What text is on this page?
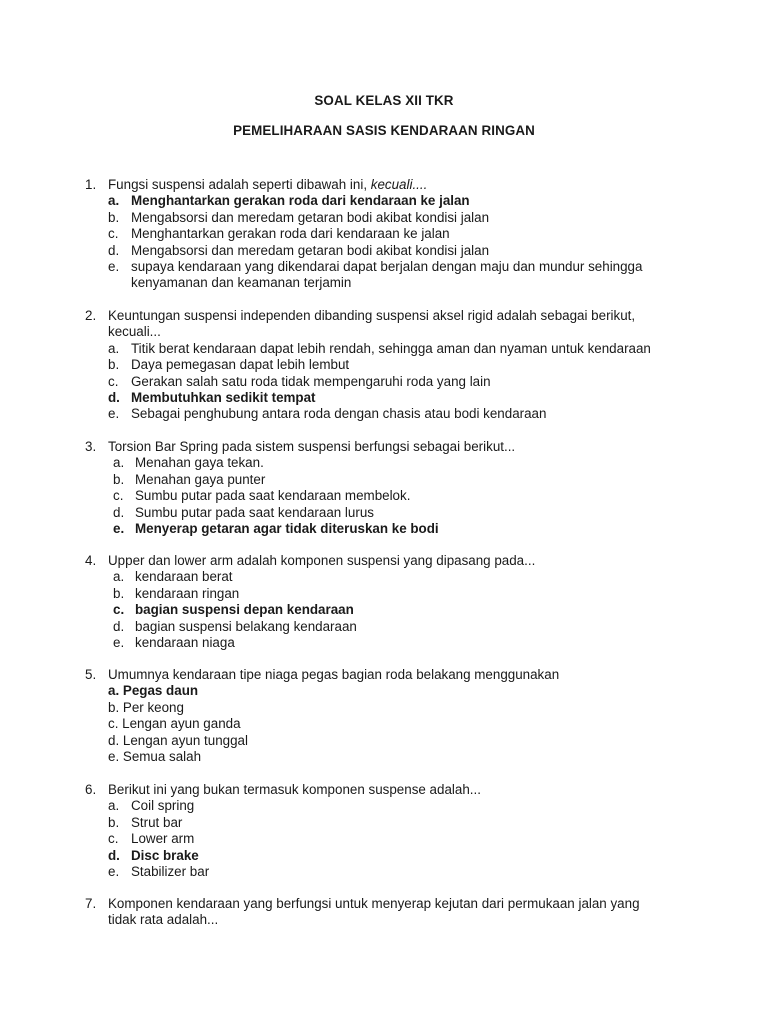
SOAL KELAS XII TKR
PEMELIHARAAN SASIS KENDARAAN RINGAN
1. Fungsi suspensi adalah seperti dibawah ini, kecuali....
a. Menghantarkan gerakan roda dari kendaraan ke jalan
b. Mengabsorsi dan meredam getaran bodi akibat kondisi jalan
c. Menghantarkan gerakan roda dari kendaraan ke jalan
d. Mengabsorsi dan meredam getaran bodi akibat kondisi jalan
e. supaya kendaraan yang dikendarai dapat berjalan dengan maju dan mundur sehingga kenyamanan dan keamanan terjamin
2. Keuntungan suspensi independen dibanding suspensi aksel rigid adalah sebagai berikut, kecuali...
a. Titik berat kendaraan dapat lebih rendah, sehingga aman dan nyaman untuk kendaraan
b. Daya pemegasan dapat lebih lembut
c. Gerakan salah satu roda tidak mempengaruhi roda yang lain
d. Membutuhkan sedikit tempat
e. Sebagai penghubung antara roda dengan chasis atau bodi kendaraan
3. Torsion Bar Spring pada sistem suspensi berfungsi sebagai berikut...
a. Menahan gaya tekan.
b. Menahan gaya punter
c. Sumbu putar pada saat kendaraan membelok.
d. Sumbu putar pada saat kendaraan lurus
e. Menyerap getaran agar tidak diteruskan ke bodi
4. Upper dan lower arm adalah komponen suspensi yang dipasang pada...
a. kendaraan berat
b. kendaraan ringan
c. bagian suspensi depan kendaraan
d. bagian suspensi belakang kendaraan
e. kendaraan niaga
5. Umumnya kendaraan tipe niaga pegas bagian roda belakang menggunakan
a. Pegas daun
b. Per keong
c. Lengan ayun ganda
d. Lengan ayun tunggal
e. Semua salah
6. Berikut ini yang bukan termasuk komponen suspense adalah...
a. Coil spring
b. Strut bar
c. Lower arm
d. Disc brake
e. Stabilizer bar
7. Komponen kendaraan yang berfungsi untuk menyerap kejutan dari permukaan jalan yang tidak rata adalah...
